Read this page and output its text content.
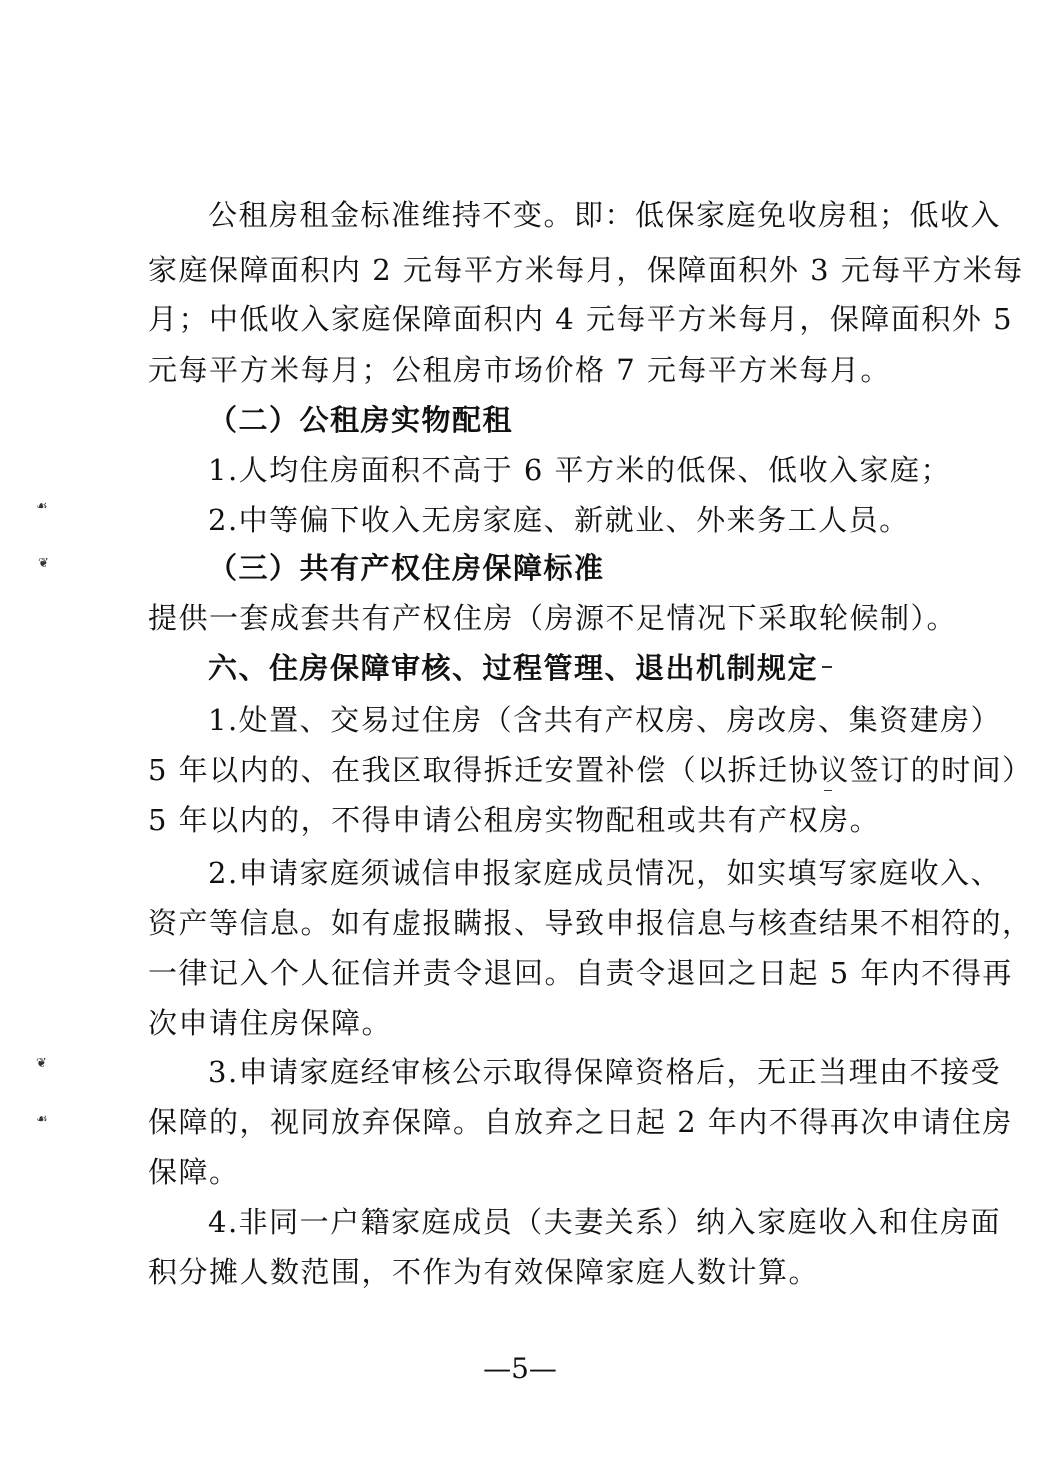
公租房租金标准维持不变。即：低保家庭免收房租；低收入
家庭保障面积内 2 元每平方米每月，保障面积外 3 元每平方米每
月；中低收入家庭保障面积内 4 元每平方米每月，保障面积外 5
元每平方米每月；公租房市场价格 7 元每平方米每月。
（二）公租房实物配租
1.人均住房面积不高于 6 平方米的低保、低收入家庭；
2.中等偏下收入无房家庭、新就业、外来务工人员。
（三）共有产权住房保障标准
提供一套成套共有产权住房（房源不足情况下采取轮候制）。
六、住房保障审核、过程管理、退出机制规定
1.处置、交易过住房（含共有产权房、房改房、集资建房）
5 年以内的、在我区取得拆迁安置补偿（以拆迁协议签订的时间）
5 年以内的，不得申请公租房实物配租或共有产权房。
2.申请家庭须诚信申报家庭成员情况，如实填写家庭收入、
资产等信息。如有虚报瞒报、导致申报信息与核查结果不相符的，
一律记入个人征信并责令退回。自责令退回之日起 5 年内不得再
次申请住房保障。
3.申请家庭经审核公示取得保障资格后，无正当理由不接受
保障的，视同放弃保障。自放弃之日起 2 年内不得再次申请住房
保障。
4.非同一户籍家庭成员（夫妻关系）纳入家庭收入和住房面
积分摊人数范围，不作为有效保障家庭人数计算。
—5—
☙
❦
❦
☙
